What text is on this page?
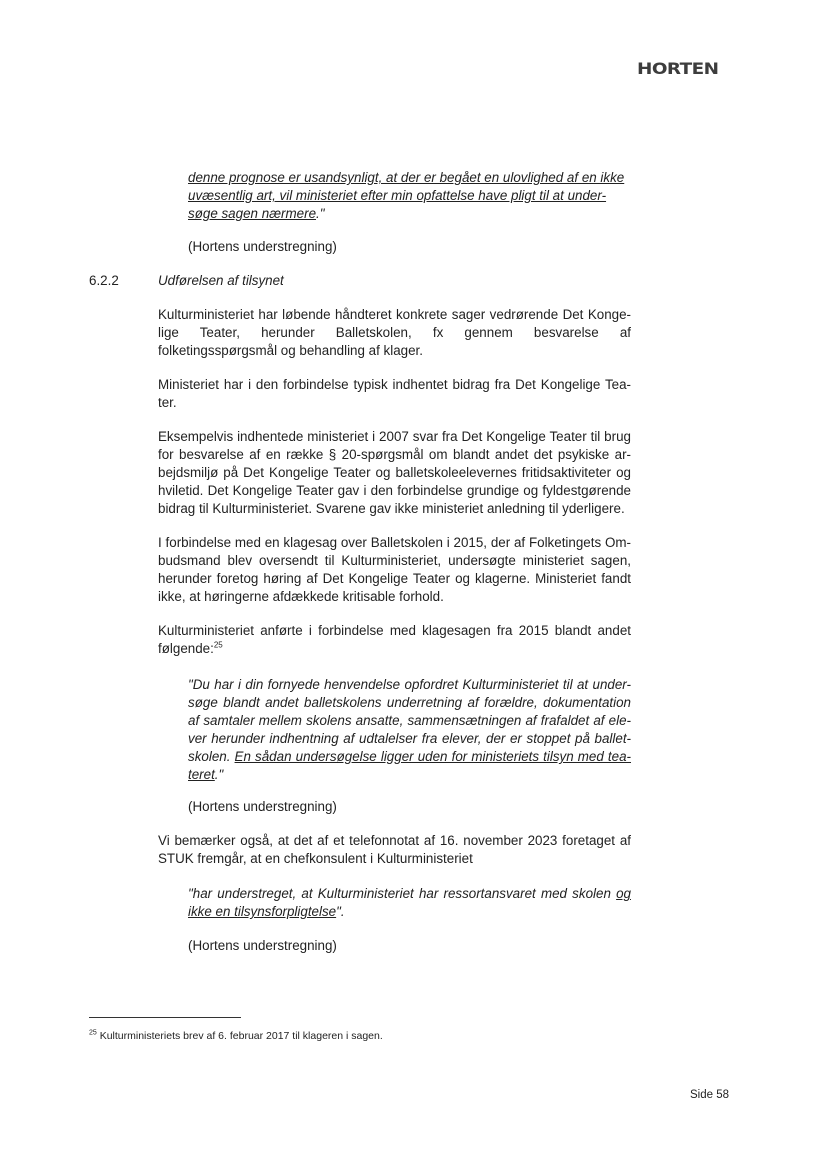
HORTEN
denne prognose er usandsynligt, at der er begået en ulovlighed af en ikke
uvæsentlig art, vil ministeriet efter min opfattelse have pligt til at under-
søge sagen nærmere."

(Hortens understregning)

6.2.2	Udførelsen af tilsynet

Kulturministeriet har løbende håndteret konkrete sager vedrørende Det Konge-lige Teater, herunder Balletskolen, fx gennem besvarelse af folketingsspørgsmål og behandling af klager.

Ministeriet har i den forbindelse typisk indhentet bidrag fra Det Kongelige Tea-ter.

Eksempelvis indhentede ministeriet i 2007 svar fra Det Kongelige Teater til brug for besvarelse af en række § 20-spørgsmål om blandt andet det psykiske ar-bejdsmiljø på Det Kongelige Teater og balletskoleelevernes fritidsaktiviteter og hviletid. Det Kongelige Teater gav i den forbindelse grundige og fyldestgørende bidrag til Kulturministeriet. Svarene gav ikke ministeriet anledning til yderligere.

I forbindelse med en klagesag over Balletskolen i 2015, der af Folketingets Om-budsmand blev oversendt til Kulturministeriet, undersøgte ministeriet sagen, herunder foretog høring af Det Kongelige Teater og klagerne. Ministeriet fandt ikke, at høringerne afdækkede kritisable forhold.

Kulturministeriet anførte i forbindelse med klagesagen fra 2015 blandt andet følgende:$^{25}$

"Du har i din fornyede henvendelse opfordret Kulturministeriet til at under-søge blandt andet balletskolens underretning af forældre, dokumentation af samtaler mellem skolens ansatte, sammensætningen af frafaldet af ele-ver herunder indhentning af udtalelser fra elever, der er stoppet på ballet-skolen. En sådan undersøgelse ligger uden for ministeriets tilsyn med tea-teret."

(Hortens understregning)

Vi bemærker også, at det af et telefonnotat af 16. november 2023 foretaget af STUK fremgår, at en chefkonsulent i Kulturministeriet

"har understreget, at Kulturministeriet har ressortansvaret med skolen og ikke en tilsynsforpligtelse".

(Hortens understregning)

$^{25}$ Kulturministeriets brev af 6. februar 2017 til klageren i sagen.
Side 58
